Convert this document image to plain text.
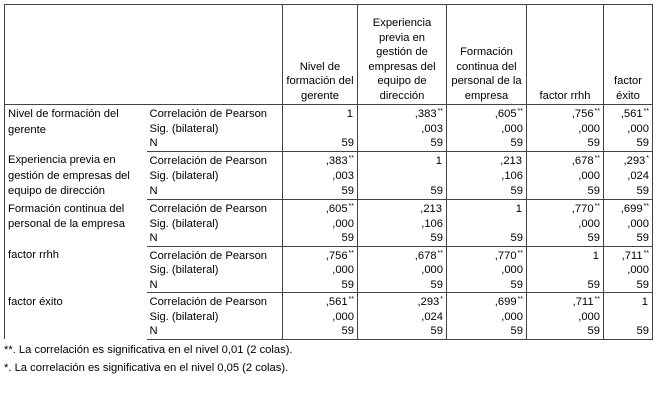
		Nivel de formación del gerente	Experiencia previa en gestión de empresas del equipo de dirección	Formación continua del personal de la empresa	factor rrhh	factor éxito
Nivel de formación del gerente	Correlación de Pearson	1	,383**	,605**	,756**	,561**
	Sig. (bilateral)		,003	,000	,000	,000
	N	59	59	59	59	59
Experiencia previa en gestión de empresas del equipo de dirección	Correlación de Pearson	,383**	1	,213	,678**	,293*
	Sig. (bilateral)	,003		,106	,000	,024
	N	59	59	59	59	59
Formación continua del personal de la empresa	Correlación de Pearson	,605**	,213	1	,770**	,699**
	Sig. (bilateral)	,000	,106		,000	,000
	N	59	59	59	59	59
factor rrhh	Correlación de Pearson	,756**	,678**	,770**	1	,711**
	Sig. (bilateral)	,000	,000	,000		,000
	N	59	59	59	59	59
factor éxito	Correlación de Pearson	,561**	,293*	,699**	,711**	1
	Sig. (bilateral)	,000	,024	,000	,000	
	N	59	59	59	59	59
**. La correlación es significativa en el nivel 0,01 (2 colas).
*. La correlación es significativa en el nivel 0,05 (2 colas).
